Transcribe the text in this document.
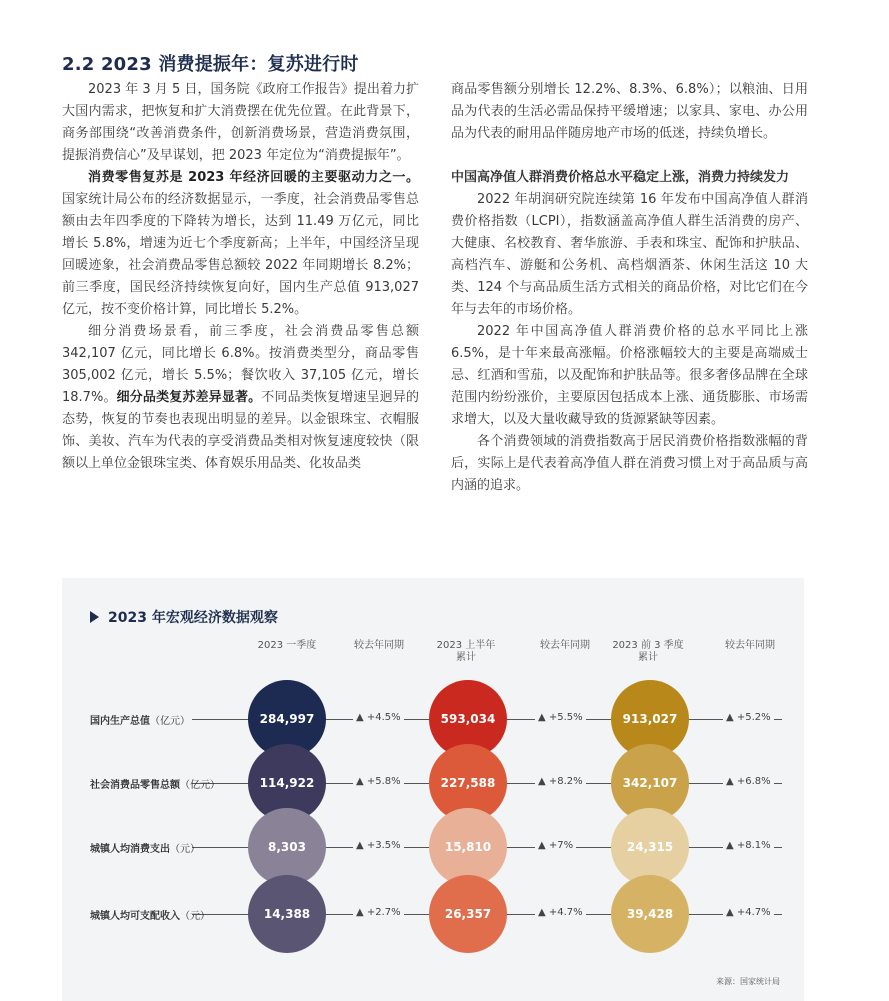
2.2 2023 消费提振年：复苏进行时

2023 年 3 月 5 日，国务院《政府工作报告》提出着力扩大国内需求，把恢复和扩大消费摆在优先位置。在此背景下，商务部围绕“改善消费条件，创新消费场景，营造消费氛围，提振消费信心”及早谋划，把 2023 年定位为“消费提振年”。

消费零售复苏是 2023 年经济回暖的主要驱动力之一。国家统计局公布的经济数据显示，一季度，社会消费品零售总额由去年四季度的下降转为增长，达到 11.49 万亿元，同比增长 5.8%，增速为近七个季度新高；上半年，中国经济呈现回暖迹象，社会消费品零售总额较 2022 年同期增长 8.2%；前三季度，国民经济持续恢复向好，国内生产总值 913,027 亿元，按不变价格计算，同比增长 5.2%。

细分消费场景看，前三季度，社会消费品零售总额 342,107 亿元，同比增长 6.8%。按消费类型分，商品零售 305,002 亿元，增长 5.5%；餐饮收入 37,105 亿元，增长 18.7%。细分品类复苏差异显著。不同品类恢复增速呈迥异的态势，恢复的节奏也表现出明显的差异。以金银珠宝、衣帽服饰、美妆、汽车为代表的享受消费品类相对恢复速度较快（限额以上单位金银珠宝类、体育娱乐用品类、化妆品类

商品零售额分别增长 12.2%、8.3%、6.8%）；以粮油、日用品为代表的生活必需品保持平缓增速；以家具、家电、办公用品为代表的耐用品伴随房地产市场的低迷，持续负增长。

中国高净值人群消费价格总水平稳定上涨，消费力持续发力

2022 年胡润研究院连续第 16 年发布中国高净值人群消费价格指数（LCPI），指数涵盖高净值人群生活消费的房产、大健康、名校教育、奢华旅游、手表和珠宝、配饰和护肤品、高档汽车、游艇和公务机、高档烟酒茶、休闲生活这 10 大类、124 个与高品质生活方式相关的商品价格，对比它们在今年与去年的市场价格。

2022 年中国高净值人群消费价格的总水平同比上涨 6.5%，是十年来最高涨幅。价格涨幅较大的主要是高端威士忌、红酒和雪茄，以及配饰和护肤品等。很多奢侈品牌在全球范围内纷纷涨价，主要原因包括成本上涨、通货膨胀、市场需求增大，以及大量收藏导致的货源紧缺等因素。

各个消费领域的消费指数高于居民消费价格指数涨幅的背后，实际上是代表着高净值人群在消费习惯上对于高品质与高内涵的追求。

2023 年宏观经济数据观察
2023 一季度	较去年同期	2023 上半年
累计
较去年同期	2023 前 3 季度
累计
较去年同期
国内生产总值（亿元）	284,997	▲ +4.5%	593,034	▲ +5.5%	913,027	▲ +5.2%
社会消费品零售总额（亿元）	114,922	▲ +5.8%	227,588	▲ +8.2%	342,107	▲ +6.8%
城镇人均消费支出（元）	8,303	▲ +3.5%	15,810	▲ +7%	24,315	▲ +8.1%
城镇人均可支配收入（元）	14,388	▲ +2.7%	26,357	▲ +4.7%	39,428	▲ +4.7%
来源：国家统计局
